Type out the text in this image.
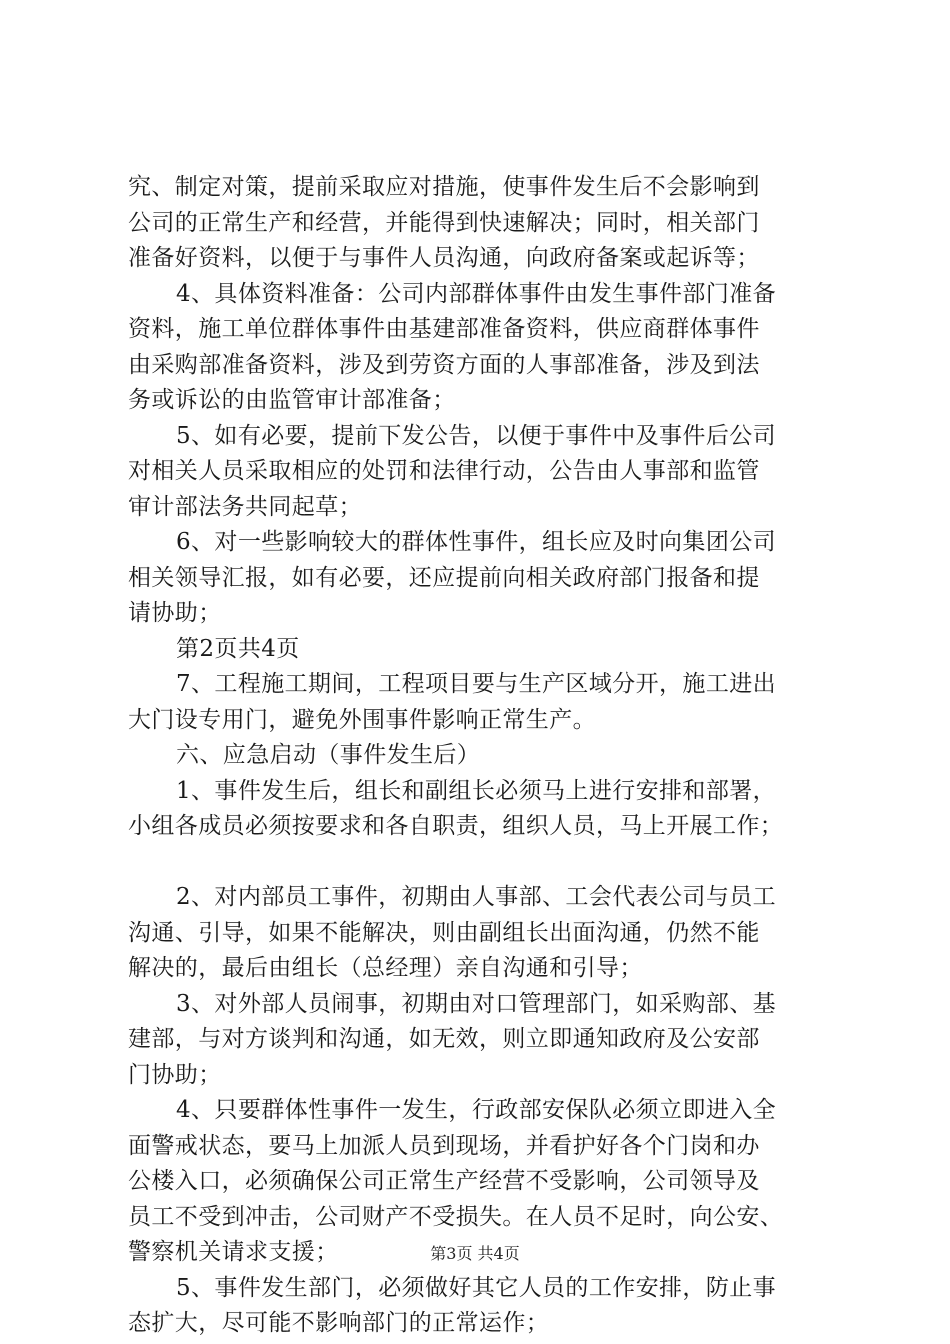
究、制定对策，提前采取应对措施，使事件发生后不会影响到
公司的正常生产和经营，并能得到快速解决；同时，相关部门
准备好资料，以便于与事件人员沟通，向政府备案或起诉等；
4、具体资料准备：公司内部群体事件由发生事件部门准备
资料，施工单位群体事件由基建部准备资料，供应商群体事件
由采购部准备资料，涉及到劳资方面的人事部准备，涉及到法
务或诉讼的由监管审计部准备；
5、如有必要，提前下发公告，以便于事件中及事件后公司
对相关人员采取相应的处罚和法律行动，公告由人事部和监管
审计部法务共同起草；
6、对一些影响较大的群体性事件，组长应及时向集团公司
相关领导汇报，如有必要，还应提前向相关政府部门报备和提
请协助；
第2页共4页
7、工程施工期间，工程项目要与生产区域分开，施工进出
大门设专用门，避免外围事件影响正常生产。
六、应急启动（事件发生后）
1、事件发生后，组长和副组长必须马上进行安排和部署，
小组各成员必须按要求和各自职责，组织人员，马上开展工作；
2、对内部员工事件，初期由人事部、工会代表公司与员工
沟通、引导，如果不能解决，则由副组长出面沟通，仍然不能
解决的，最后由组长（总经理）亲自沟通和引导；
3、对外部人员闹事，初期由对口管理部门，如采购部、基
建部，与对方谈判和沟通，如无效，则立即通知政府及公安部
门协助；
4、只要群体性事件一发生，行政部安保队必须立即进入全
面警戒状态，要马上加派人员到现场，并看护好各个门岗和办
公楼入口，必须确保公司正常生产经营不受影响，公司领导及
员工不受到冲击，公司财产不受损失。在人员不足时，向公安、
警察机关请求支援；
5、事件发生部门，必须做好其它人员的工作安排，防止事
态扩大，尽可能不影响部门的正常运作；
第3页 共4页
